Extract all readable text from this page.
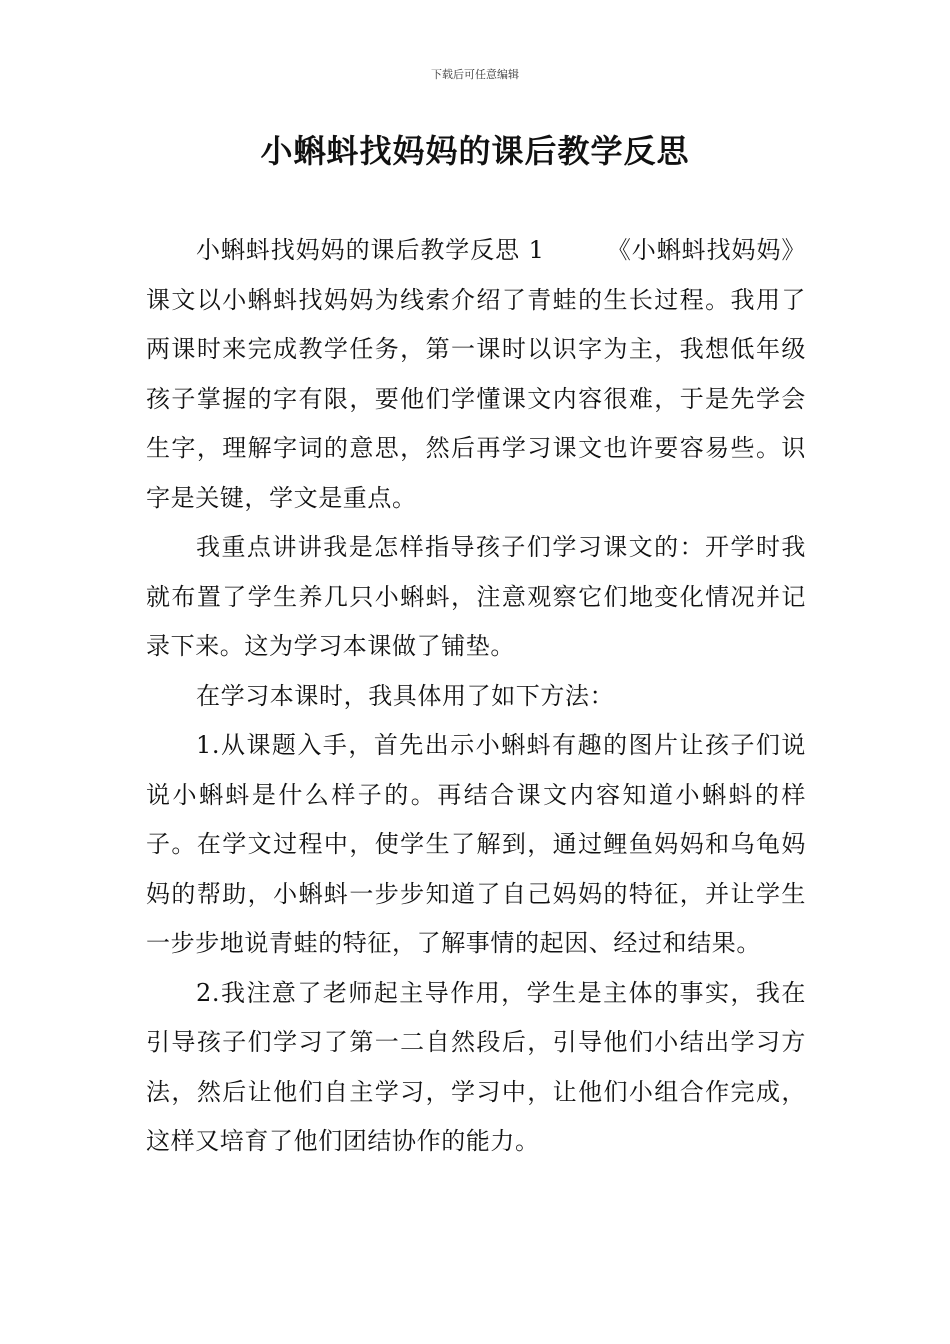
下载后可任意编辑
小蝌蚪找妈妈的课后教学反思

小蝌蚪找妈妈的课后教学反思 1	《小蝌蚪找妈妈》课文以小蝌蚪找妈妈为线索介绍了青蛙的生长过程。我用了两课时来完成教学任务，第一课时以识字为主，我想低年级孩子掌握的字有限，要他们学懂课文内容很难，于是先学会生字，理解字词的意思，然后再学习课文也许要容易些。识字是关键，学文是重点。

我重点讲讲我是怎样指导孩子们学习课文的：开学时我就布置了学生养几只小蝌蚪，注意观察它们地变化情况并记录下来。这为学习本课做了铺垫。

在学习本课时，我具体用了如下方法：

1.从课题入手，首先出示小蝌蚪有趣的图片让孩子们说说小蝌蚪是什么样子的。再结合课文内容知道小蝌蚪的样子。在学文过程中，使学生了解到，通过鲤鱼妈妈和乌龟妈妈的帮助，小蝌蚪一步步知道了自己妈妈的特征，并让学生一步步地说青蛙的特征，了解事情的起因、经过和结果。

2.我注意了老师起主导作用，学生是主体的事实，我在引导孩子们学习了第一二自然段后，引导他们小结出学习方法，然后让他们自主学习，学习中，让他们小组合作完成，这样又培育了他们团结协作的能力。
